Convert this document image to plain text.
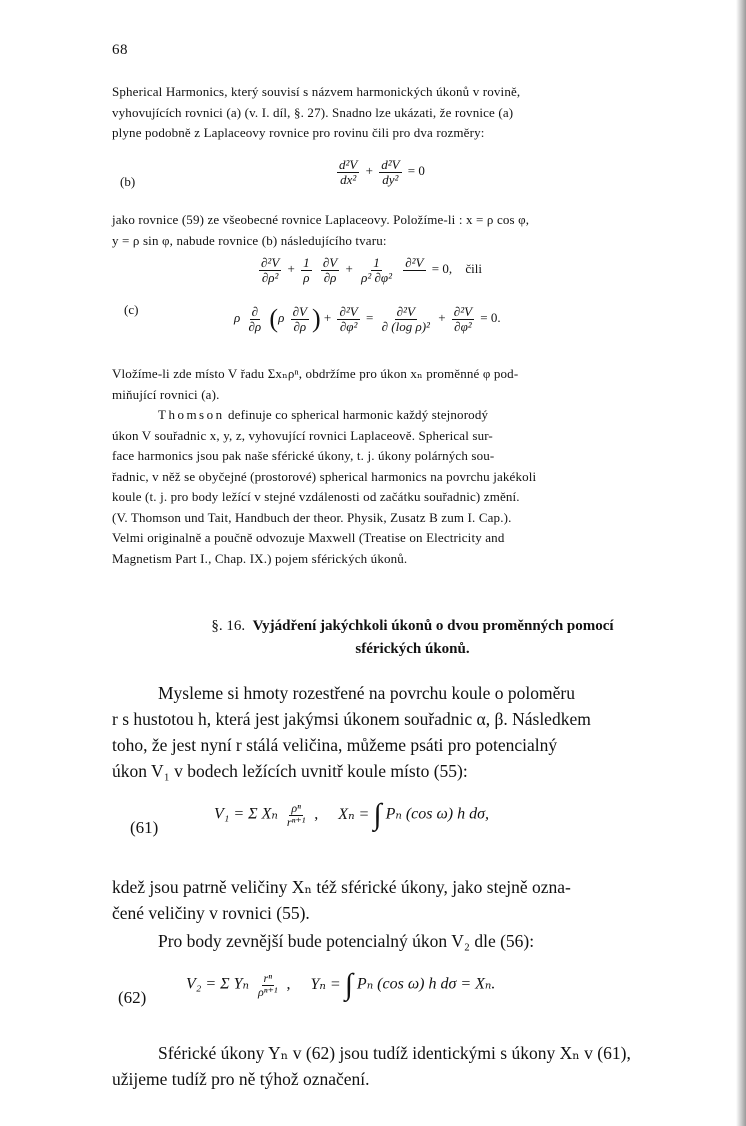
68
Spherical Harmonics, který souvisí s názvem harmonických úkonů v rovině,
vyhovujících rovnici (a) (v. I. díl, §. 27). Snadno lze ukázati, že rovnice (a)
plyne podobně z Laplaceovy rovnice pro rovinu čili pro dva rozměry:
(b)	$\frac{\text{d²V}}{\text{dx²}} + \frac{\text{d²V}}{\text{dy²}} = 0$
jako rovnice (59) ze všeobecné rovnice Laplaceovy. Položíme-li : x = ρ cos φ,
y = ρ sin φ, nabude rovnice (b) následujícího tvaru:
(c)
$\frac{\text{∂²V}}{\text{∂ρ²}} + \frac{1}{\rho}$
$\frac{\partial V}{\partial\rho} + \frac{1}{\text{ρ² ∂φ²}}$
∂²V
= 0, čili
ρ $\frac{\partial}{\partial\rho} (\rho \frac{\partial V}{\partial\rho}$ ) + $\frac{\text{∂²V}}{\text{∂φ²}} = \frac{\text{∂²V}}{\text{∂ (log ρ)²}} + \frac{\text{∂²V}}{\text{∂φ²}} = 0$.
Vložíme-li zde místo V řadu Σxₙρⁿ, obdržíme pro úkon xₙ proměnné φ pod-
miňující rovnici (a).
Thomson definuje co spherical harmonic každý stejnorodý
úkon V souřadnic x, y, z, vyhovující rovnici Laplaceově. Spherical sur-
face harmonics jsou pak naše sférické úkony, t. j. úkony polárných sou-
řadnic, v něž se obyčejné (prostorové) spherical harmonics na povrchu jakékoli
koule (t. j. pro body ležící v stejné vzdálenosti od začátku souřadnic) změní.
(V. Thomson und Tait, Handbuch der theor. Physik, Zusatz B zum I. Cap.).
Velmi originalně a poučně odvozuje Maxwell (Treatise on Electricity and
Magnetism Part I., Chap. IX.) pojem sférických úkonů.
§. 16. Vyjádření jakýchkoli úkonů o dvou proměnných pomocí
sférických úkonů.
Mysleme si hmoty rozestřené na povrchu koule o poloměru
r s hustotou h, která jest jakýmsi úkonem souřadnic α, β. Následkem
toho, že jest nyní r stálá veličina, můžeme psáti pro potencialný
úkon V₁ v bodech ležících uvnitř koule místo (55):
(61)
V₁ = Σ Xₙ $\frac{\text{ρⁿ}}{\text{rⁿ⁺¹}}$ , Xₙ = ∫ Pₙ (cos ω) h dσ,
kdež jsou patrně veličiny Xₙ též sférické úkony, jako stejně ozna-
čené veličiny v rovnici (55).
Pro body zevnější bude potencialný úkon V₂ dle (56):
(62)
V₂ = Σ Yₙ $\frac{\text{rⁿ}}{\text{ρⁿ⁺¹}}$ , Yₙ = ∫ Pₙ (cos ω) h dσ = Xₙ.
Sférické úkony Yₙ v (62) jsou tudíž identickými s úkony Xₙ v (61),
užijeme tudíž pro ně týhož označení.
